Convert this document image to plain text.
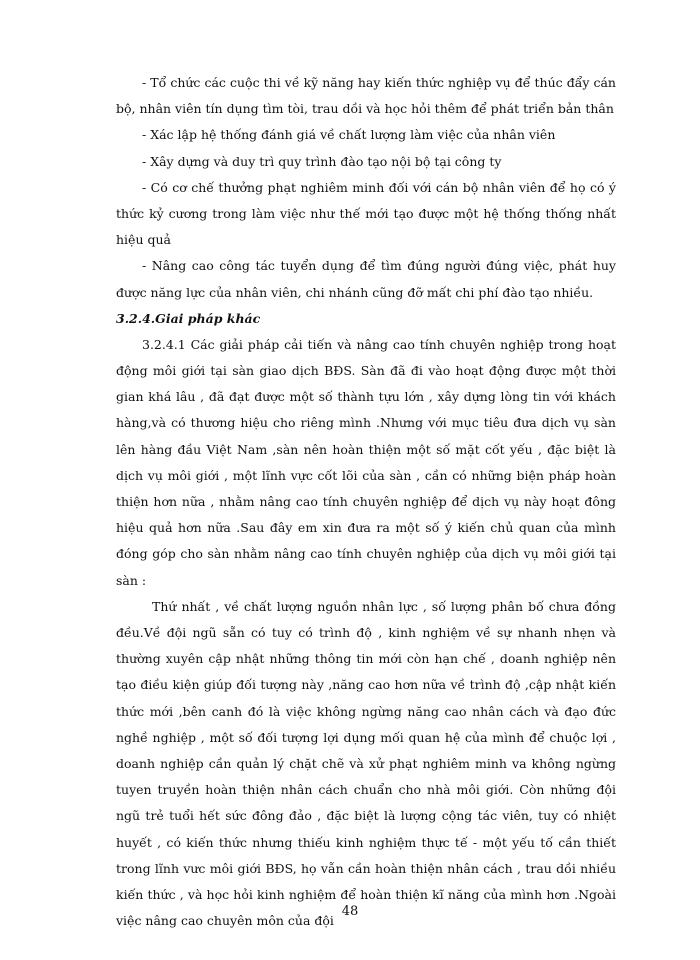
- Tổ chức các cuộc thi về kỹ năng hay kiến thức nghiệp vụ để thúc đẩy cán bộ, nhân viên tín dụng tìm tòi, trau dồi và học hỏi thêm để phát triển bản thân

- Xác lập hệ thống đánh giá về chất lượng làm việc của nhân viên

- Xây dựng và duy trì quy trình đào tạo nội bộ tại công ty

- Có cơ chế thưởng phạt nghiêm minh đối với cán bộ nhân viên để họ có ý thức kỷ cương trong làm việc như thế mới tạo được một hệ thống thống nhất hiệu quả

- Nâng cao công tác tuyển dụng để tìm đúng người đúng việc, phát huy được năng lực của nhân viên, chi nhánh cũng đỡ mất chi phí đào tạo nhiều.

3.2.4.Giai pháp khác

3.2.4.1 Các giải pháp cải tiến và nâng cao tính chuyên nghiệp trong hoạt động môi giới tại sàn giao dịch BĐS. Sàn đã đi vào hoạt động được một thời gian khá lâu , đã đạt được một số thành tựu lớn , xây dựng lòng tin với khách hàng,và có thương hiệu cho riêng mình .Nhưng với mục tiêu đưa dịch vụ sàn lên hàng đầu Việt Nam ,sàn nên hoàn thiện một số mặt cốt yếu , đặc biệt là dịch vụ môi giới , một lĩnh vực cốt lõi của sàn , cần có những biện pháp hoàn thiện hơn nữa , nhằm nâng cao tính chuyên nghiệp để dịch vụ này hoạt đông hiệu quả hơn nữa .Sau đây em xin đưa ra một số ý kiến chủ quan của mình đóng góp cho sàn nhằm nâng cao tính chuyên nghiệp của dịch vụ môi giới tại sàn :

Thứ nhất , về chất lượng nguồn nhân lực , số lượng phân bố chưa đồng đều.Về đội ngũ sẵn có tuy có trình độ , kinh nghiệm về sự nhanh nhẹn và thường xuyên cập nhật những thông tin mới còn hạn chế , doanh nghiệp nên tạo điều kiện giúp đối tượng này ,năng cao hơn nữa về trình độ ,cập nhật kiến thức mới ,bên canh đó là việc không ngừng năng cao nhân cách và đạo đức nghề nghiệp , một số đối tượng lợi dụng mối quan hệ của mình để chuộc lợi , doanh nghiệp cần quản lý chặt chẽ và xử phạt nghiêm minh va không ngừng tuyen truyền hoàn thiện nhân cách chuẩn cho nhà môi giới. Còn những đội ngũ trẻ tuổi hết sức đông đảo , đặc biệt là lượng cộng tác viên, tuy có nhiệt huyết , có kiến thức nhưng thiếu kinh nghiệm thực tế - một yếu tố cần thiết trong lĩnh vưc môi giới BĐS, họ vẫn cần hoàn thiện nhân cách , trau dồi nhiều kiến thức , và học hỏi kinh nghiệm để hoàn thiện kĩ năng của mình hơn .Ngoài việc nâng cao chuyên môn của đội

48
